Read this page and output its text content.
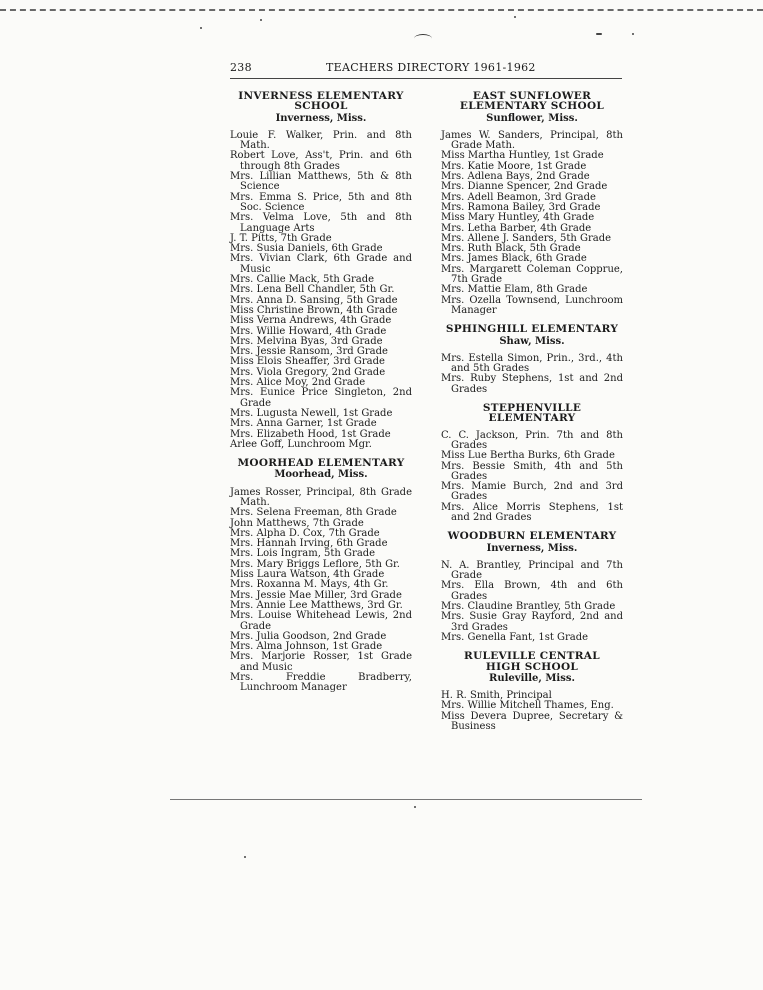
238	TEACHERS DIRECTORY 1961-1962
INVERNESS ELEMENTARY
SCHOOL
Inverness, Miss.
Louie F. Walker, Prin. and 8th Math.
Robert Love, Ass't, Prin. and 6th through 8th Grades
Mrs. Lillian Matthews, 5th & 8th Science
Mrs. Emma S. Price, 5th and 8th Soc. Science
Mrs. Velma Love, 5th and 8th Language Arts
J. T. Pitts, 7th Grade
Mrs. Susia Daniels, 6th Grade
Mrs. Vivian Clark, 6th Grade and Music
Mrs. Callie Mack, 5th Grade
Mrs. Lena Bell Chandler, 5th Gr.
Mrs. Anna D. Sansing, 5th Grade
Miss Christine Brown, 4th Grade
Miss Verna Andrews, 4th Grade
Mrs. Willie Howard, 4th Grade
Mrs. Melvina Byas, 3rd Grade
Mrs. Jessie Ransom, 3rd Grade
Miss Elois Sheaffer, 3rd Grade
Mrs. Viola Gregory, 2nd Grade
Mrs. Alice Moy, 2nd Grade
Mrs. Eunice Price Singleton, 2nd Grade
Mrs. Lugusta Newell, 1st Grade
Mrs. Anna Garner, 1st Grade
Mrs. Elizabeth Hood, 1st Grade
Arlee Goff, Lunchroom Mgr.
MOORHEAD ELEMENTARY
Moorhead, Miss.
James Rosser, Principal, 8th Grade Math.
Mrs. Selena Freeman, 8th Grade
John Matthews, 7th Grade
Mrs. Alpha D. Cox, 7th Grade
Mrs. Hannah Irving, 6th Grade
Mrs. Lois Ingram, 5th Grade
Mrs. Mary Briggs Leflore, 5th Gr.
Miss Laura Watson, 4th Grade
Mrs. Roxanna M. Mays, 4th Gr.
Mrs. Jessie Mae Miller, 3rd Grade
Mrs. Annie Lee Matthews, 3rd Gr.
Mrs. Louise Whitehead Lewis, 2nd Grade
Mrs. Julia Goodson, 2nd Grade
Mrs. Alma Johnson, 1st Grade
Mrs. Marjorie Rosser, 1st Grade and Music
Mrs. Freddie Bradberry, Lunchroom Manager
EAST SUNFLOWER
ELEMENTARY SCHOOL
Sunflower, Miss.
James W. Sanders, Principal, 8th Grade Math.
Miss Martha Huntley, 1st Grade
Mrs. Katie Moore, 1st Grade
Mrs. Adlena Bays, 2nd Grade
Mrs. Dianne Spencer, 2nd Grade
Mrs. Adell Beamon, 3rd Grade
Mrs. Ramona Bailey, 3rd Grade
Miss Mary Huntley, 4th Grade
Mrs. Letha Barber, 4th Grade
Mrs. Allene J. Sanders, 5th Grade
Mrs. Ruth Black, 5th Grade
Mrs. James Black, 6th Grade
Mrs. Margarett Coleman Copprue, 7th Grade
Mrs. Mattie Elam, 8th Grade
Mrs. Ozella Townsend, Lunchroom Manager
SPHINGHILL ELEMENTARY
Shaw, Miss.
Mrs. Estella Simon, Prin., 3rd., 4th and 5th Grades
Mrs. Ruby Stephens, 1st and 2nd Grades
STEPHENVILLE ELEMENTARY
C. C. Jackson, Prin. 7th and 8th Grades
Miss Lue Bertha Burks, 6th Grade
Mrs. Bessie Smith, 4th and 5th Grades
Mrs. Mamie Burch, 2nd and 3rd Grades
Mrs. Alice Morris Stephens, 1st and 2nd Grades
WOODBURN ELEMENTARY
Inverness, Miss.
N. A. Brantley, Principal and 7th Grade
Mrs. Ella Brown, 4th and 6th Grades
Mrs. Claudine Brantley, 5th Grade
Mrs. Susie Gray Rayford, 2nd and 3rd Grades
Mrs. Genella Fant, 1st Grade
RULEVILLE CENTRAL
HIGH SCHOOL
Ruleville, Miss.
H. R. Smith, Principal
Mrs. Willie Mitchell Thames, Eng.
Miss Devera Dupree, Secretary & Business
